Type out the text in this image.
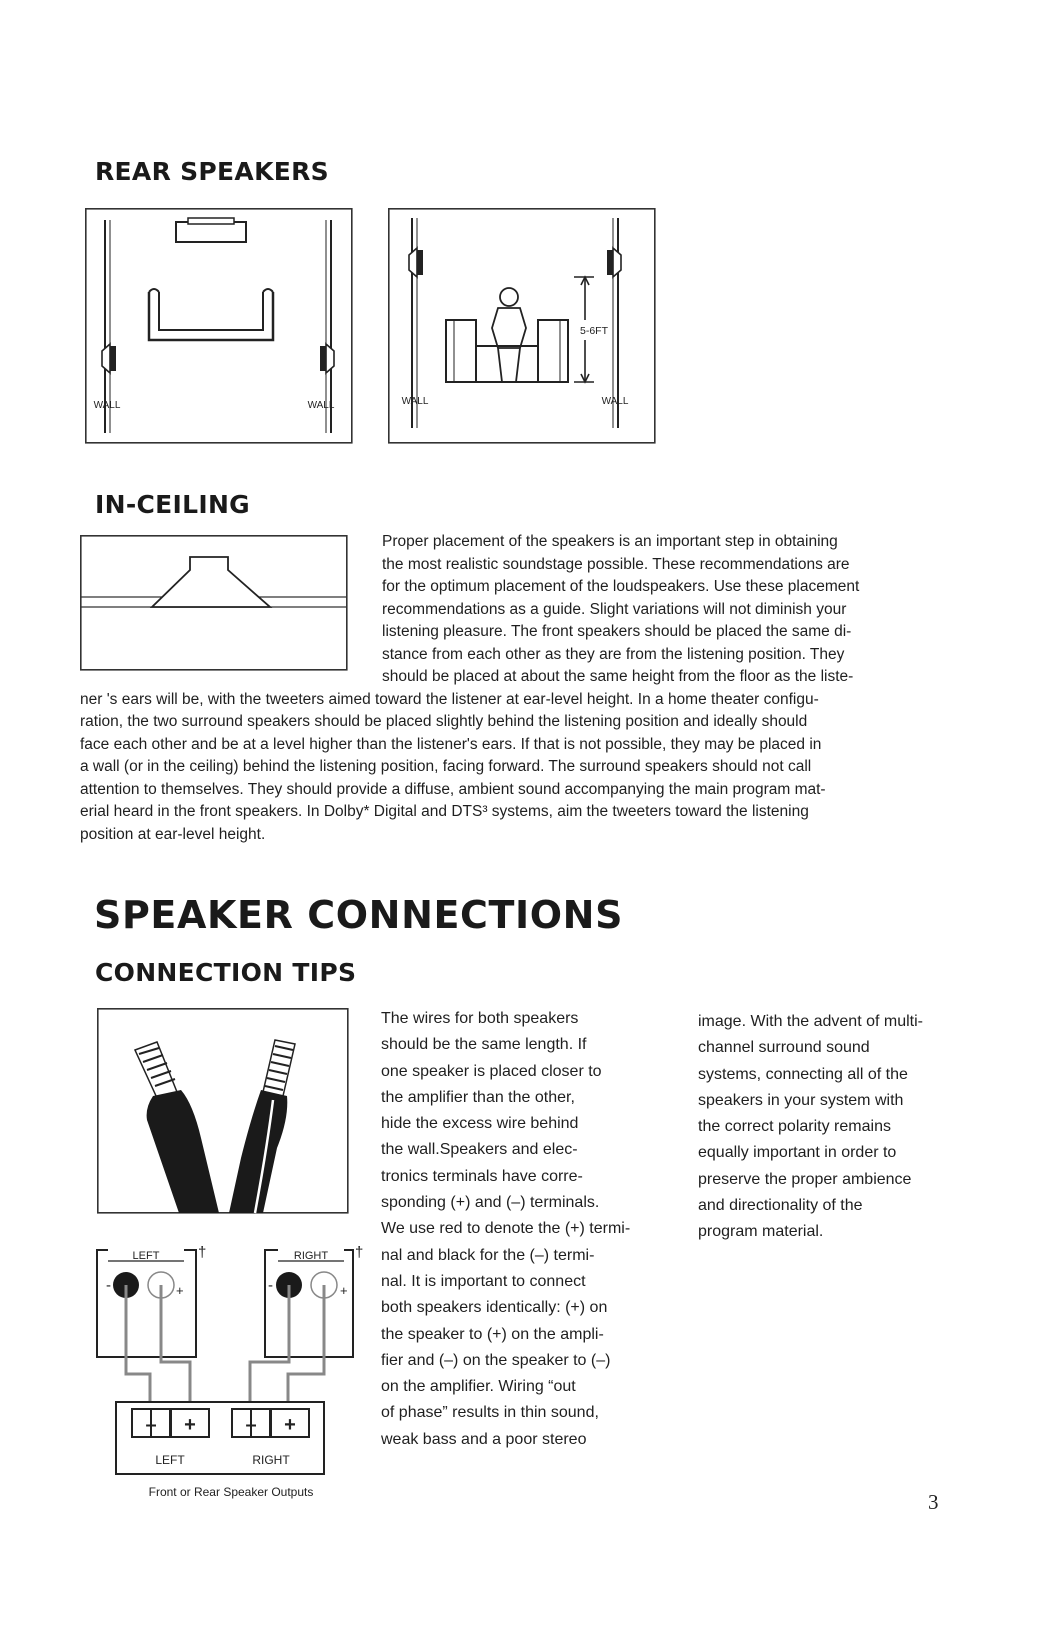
REAR SPEAKERS
WALL	WALL
5-6FT
WALL	WALL
IN-CEILING
Proper placement of the speakers is an important step in obtaining
the most realistic soundstage possible. These recommendations are
for the optimum placement of the loudspeakers. Use these placement
recommendations as a guide. Slight variations will not diminish your
listening pleasure. The front speakers should be placed the same di-
stance from each other as they are from the listening position. They
should be placed at about the same height from the floor as the liste-
ner 's ears will be, with the tweeters aimed toward the listener at ear-level height. In a home theater configu-
ration, the two surround speakers should be placed slightly behind the listening position and ideally should
face each other and be at a level higher than the listener's ears. If that is not possible, they may be placed in
a wall (or in the ceiling) behind the listening position, facing forward. The surround speakers should not call
attention to themselves. They should provide a diffuse, ambient sound accompanying the main program mat-
erial heard in the front speakers. In Dolby* Digital and DTS³ systems, aim the tweeters toward the listening
position at ear-level height.
SPEAKER CONNECTIONS
CONNECTION TIPS
LEFT	†
-	+
RIGHT †
-	+
– + – +
LEFT	RIGHT
Front or Rear Speaker Outputs
The wires for both speakers
should be the same length. If
one speaker is placed closer to
the amplifier than the other,
hide the excess wire behind
the wall.Speakers and elec-
tronics terminals have corre-
sponding (+) and (–) terminals.
We use red to denote the (+) termi-
nal and black for the (–) termi-
nal. It is important to connect
both speakers identically: (+) on
the speaker to (+) on the ampli-
fier and (–) on the speaker to (–)
on the amplifier. Wiring “out
of phase” results in thin sound,
weak bass and a poor stereo
image. With the advent of multi-
channel surround sound
systems, connecting all of the
speakers in your system with
the correct polarity remains
equally important in order to
preserve the proper ambience
and directionality of the
program material.
3
